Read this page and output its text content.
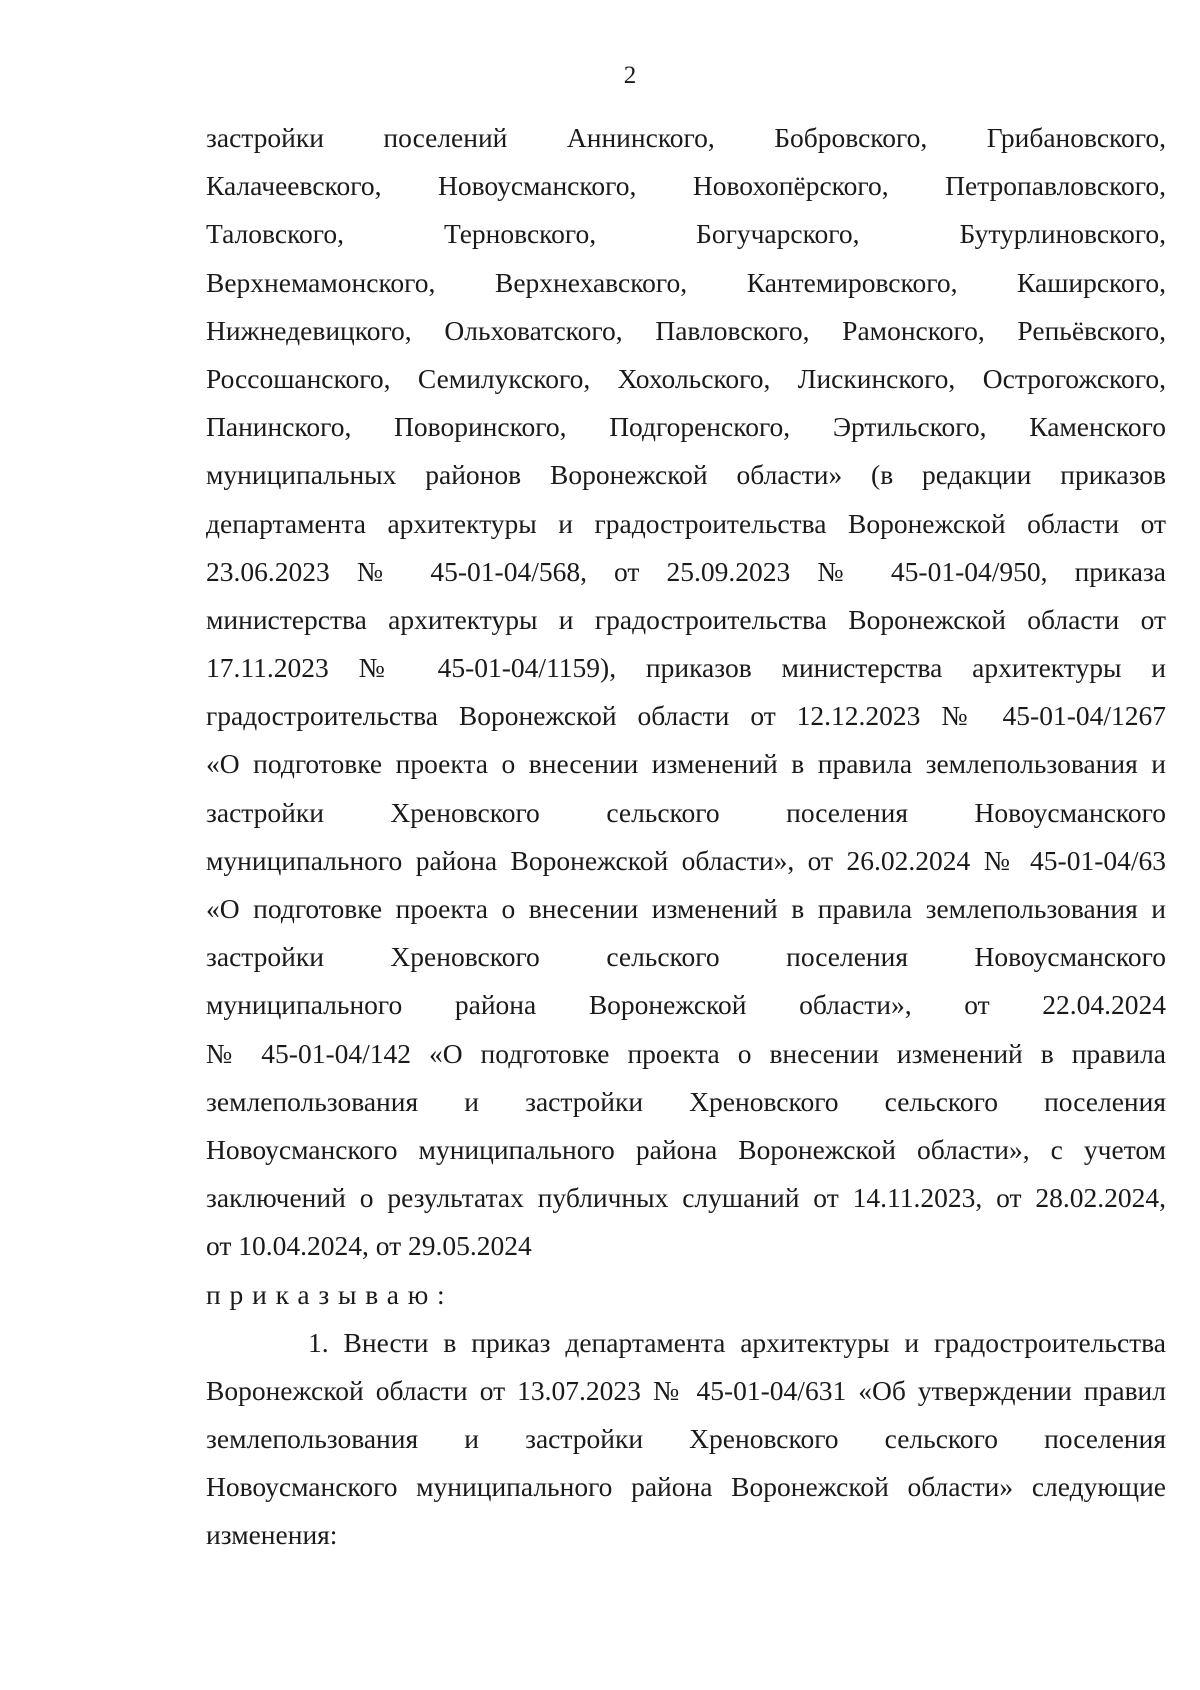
2
застройки поселений Аннинского, Бобровского, Грибановского,
Калачеевского, Новоусманского, Новохопёрского, Петропавловского,
Таловского, Терновского, Богучарского, Бутурлиновского,
Верхнемамонского, Верхнехавского, Кантемировского, Каширского,
Нижнедевицкого, Ольховатского, Павловского, Рамонского, Репьёвского,
Россошанского, Семилукского, Хохольского, Лискинского, Острогожского,
Панинского, Поворинского, Подгоренского, Эртильского, Каменского
муниципальных районов Воронежской области» (в редакции приказов
департамента архитектуры и градостроительства Воронежской области от
23.06.2023 № 45-01-04/568, от 25.09.2023 № 45-01-04/950, приказа
министерства архитектуры и градостроительства Воронежской области от
17.11.2023 № 45-01-04/1159), приказов министерства архитектуры и
градостроительства Воронежской области от 12.12.2023 № 45-01-04/1267
«О подготовке проекта о внесении изменений в правила землепользования и
застройки Хреновского сельского поселения Новоусманского
муниципального района Воронежской области», от 26.02.2024 № 45-01-04/63
«О подготовке проекта о внесении изменений в правила землепользования и
застройки Хреновского сельского поселения Новоусманского
муниципального района Воронежской области», от 22.04.2024
№ 45-01-04/142 «О подготовке проекта о внесении изменений в правила
землепользования и застройки Хреновского сельского поселения
Новоусманского муниципального района Воронежской области», с учетом
заключений о результатах публичных слушаний от 14.11.2023, от 28.02.2024,
от 10.04.2024, от 29.05.2024
приказываю:
1. Внести в приказ департамента архитектуры и градостроительства
Воронежской области от 13.07.2023 № 45-01-04/631 «Об утверждении правил
землепользования и застройки Хреновского сельского поселения
Новоусманского муниципального района Воронежской области» следующие
изменения:
